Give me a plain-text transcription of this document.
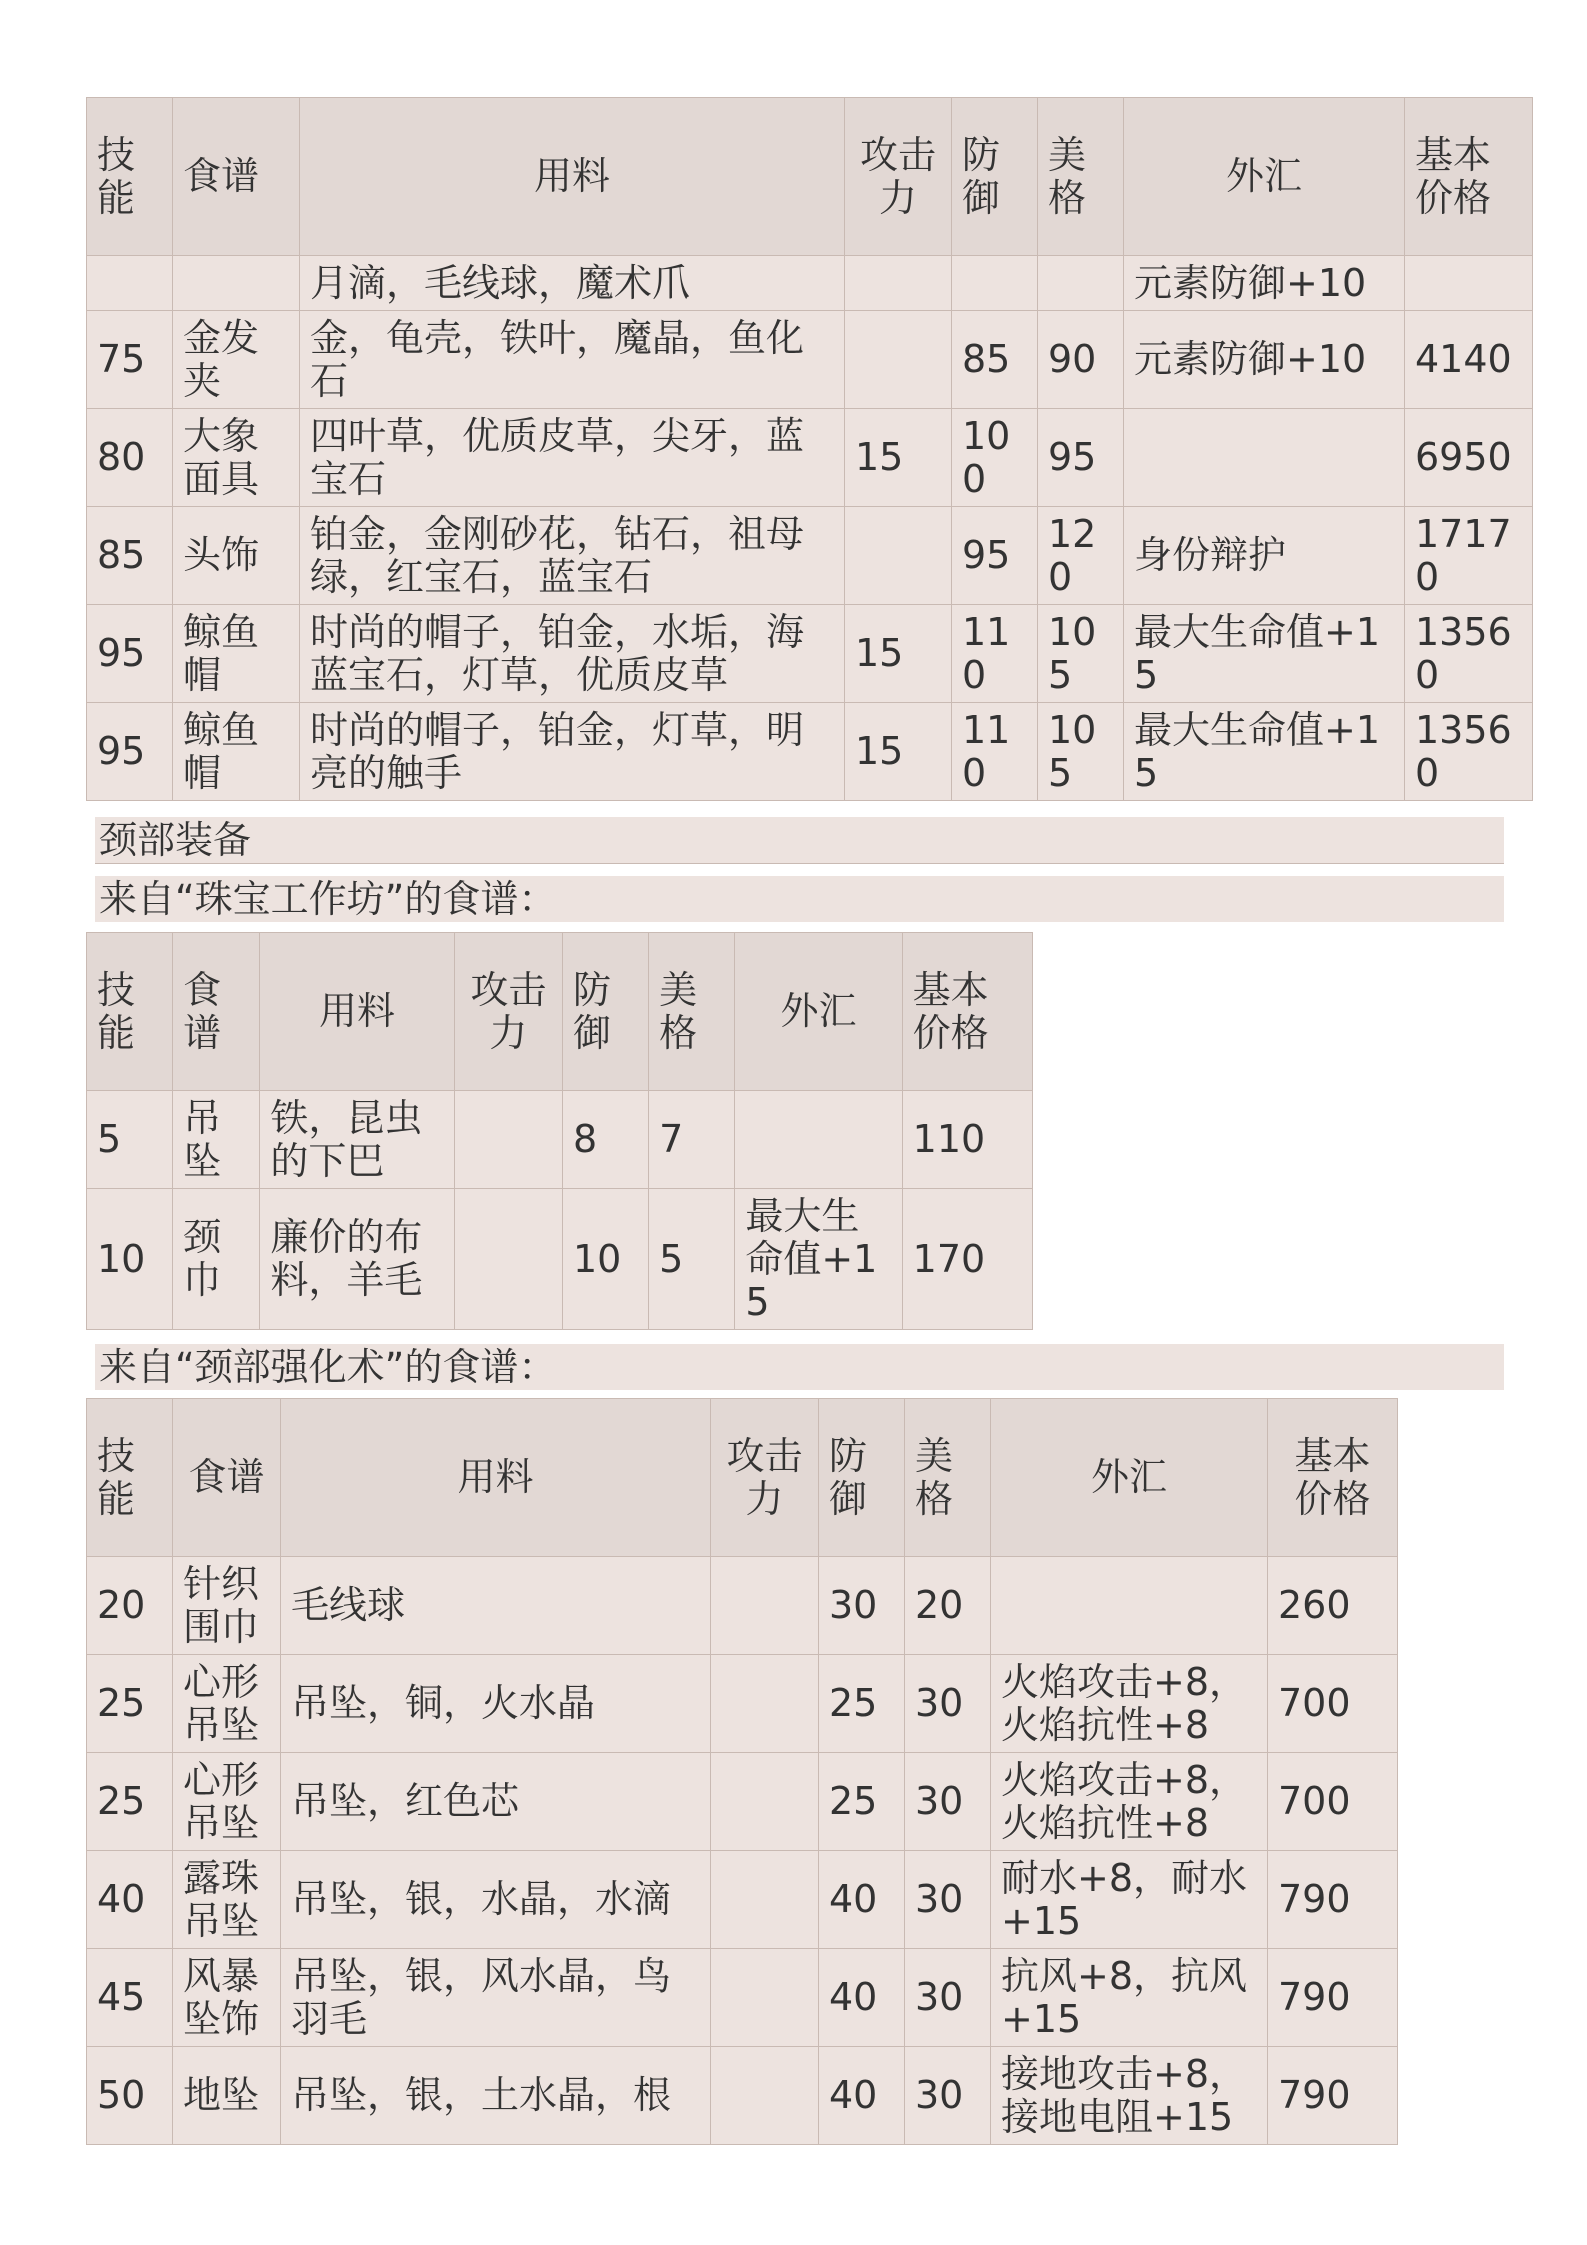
技能	食谱	用料	攻击力	防御	美格	外汇	基本价格
		月滴，毛线球，魔术爪				元素防御+10	
75	金发夹	金，龟壳，铁叶，魔晶，鱼化石		85	90	元素防御+10	4140
80	大象面具	四叶草，优质皮草，尖牙，蓝宝石	15	100	95		6950
85	头饰	铂金，金刚砂花，钻石，祖母绿，红宝石，蓝宝石		95	120	身份辩护	17170
95	鲸鱼帽	时尚的帽子，铂金，水垢，海蓝宝石，灯草，优质皮草	15	110	105	最大生命值+15	13560
95	鲸鱼帽	时尚的帽子，铂金，灯草，明亮的触手	15	110	105	最大生命值+15	13560
颈部装备
来自“珠宝工作坊”的食谱：
技能	食谱	用料	攻击力	防御	美格	外汇	基本价格
5	吊坠	铁，昆虫的下巴		8	7		110
10	颈巾	廉价的布料，羊毛		10	5	最大生命值+15	170
来自“颈部强化术”的食谱：
技能	食谱	用料	攻击力	防御	美格	外汇	基本价格
20	针织围巾	毛线球		30	20		260
25	心形吊坠	吊坠，铜，火水晶		25	30	火焰攻击+8，火焰抗性+8	700
25	心形吊坠	吊坠，红色芯		25	30	火焰攻击+8，火焰抗性+8	700
40	露珠吊坠	吊坠，银，水晶，水滴		40	30	耐水+8，耐水+15	790
45	风暴坠饰	吊坠，银，风水晶，鸟羽毛		40	30	抗风+8，抗风+15	790
50	地坠	吊坠，银，土水晶，根		40	30	接地攻击+8，接地电阻+15	790
